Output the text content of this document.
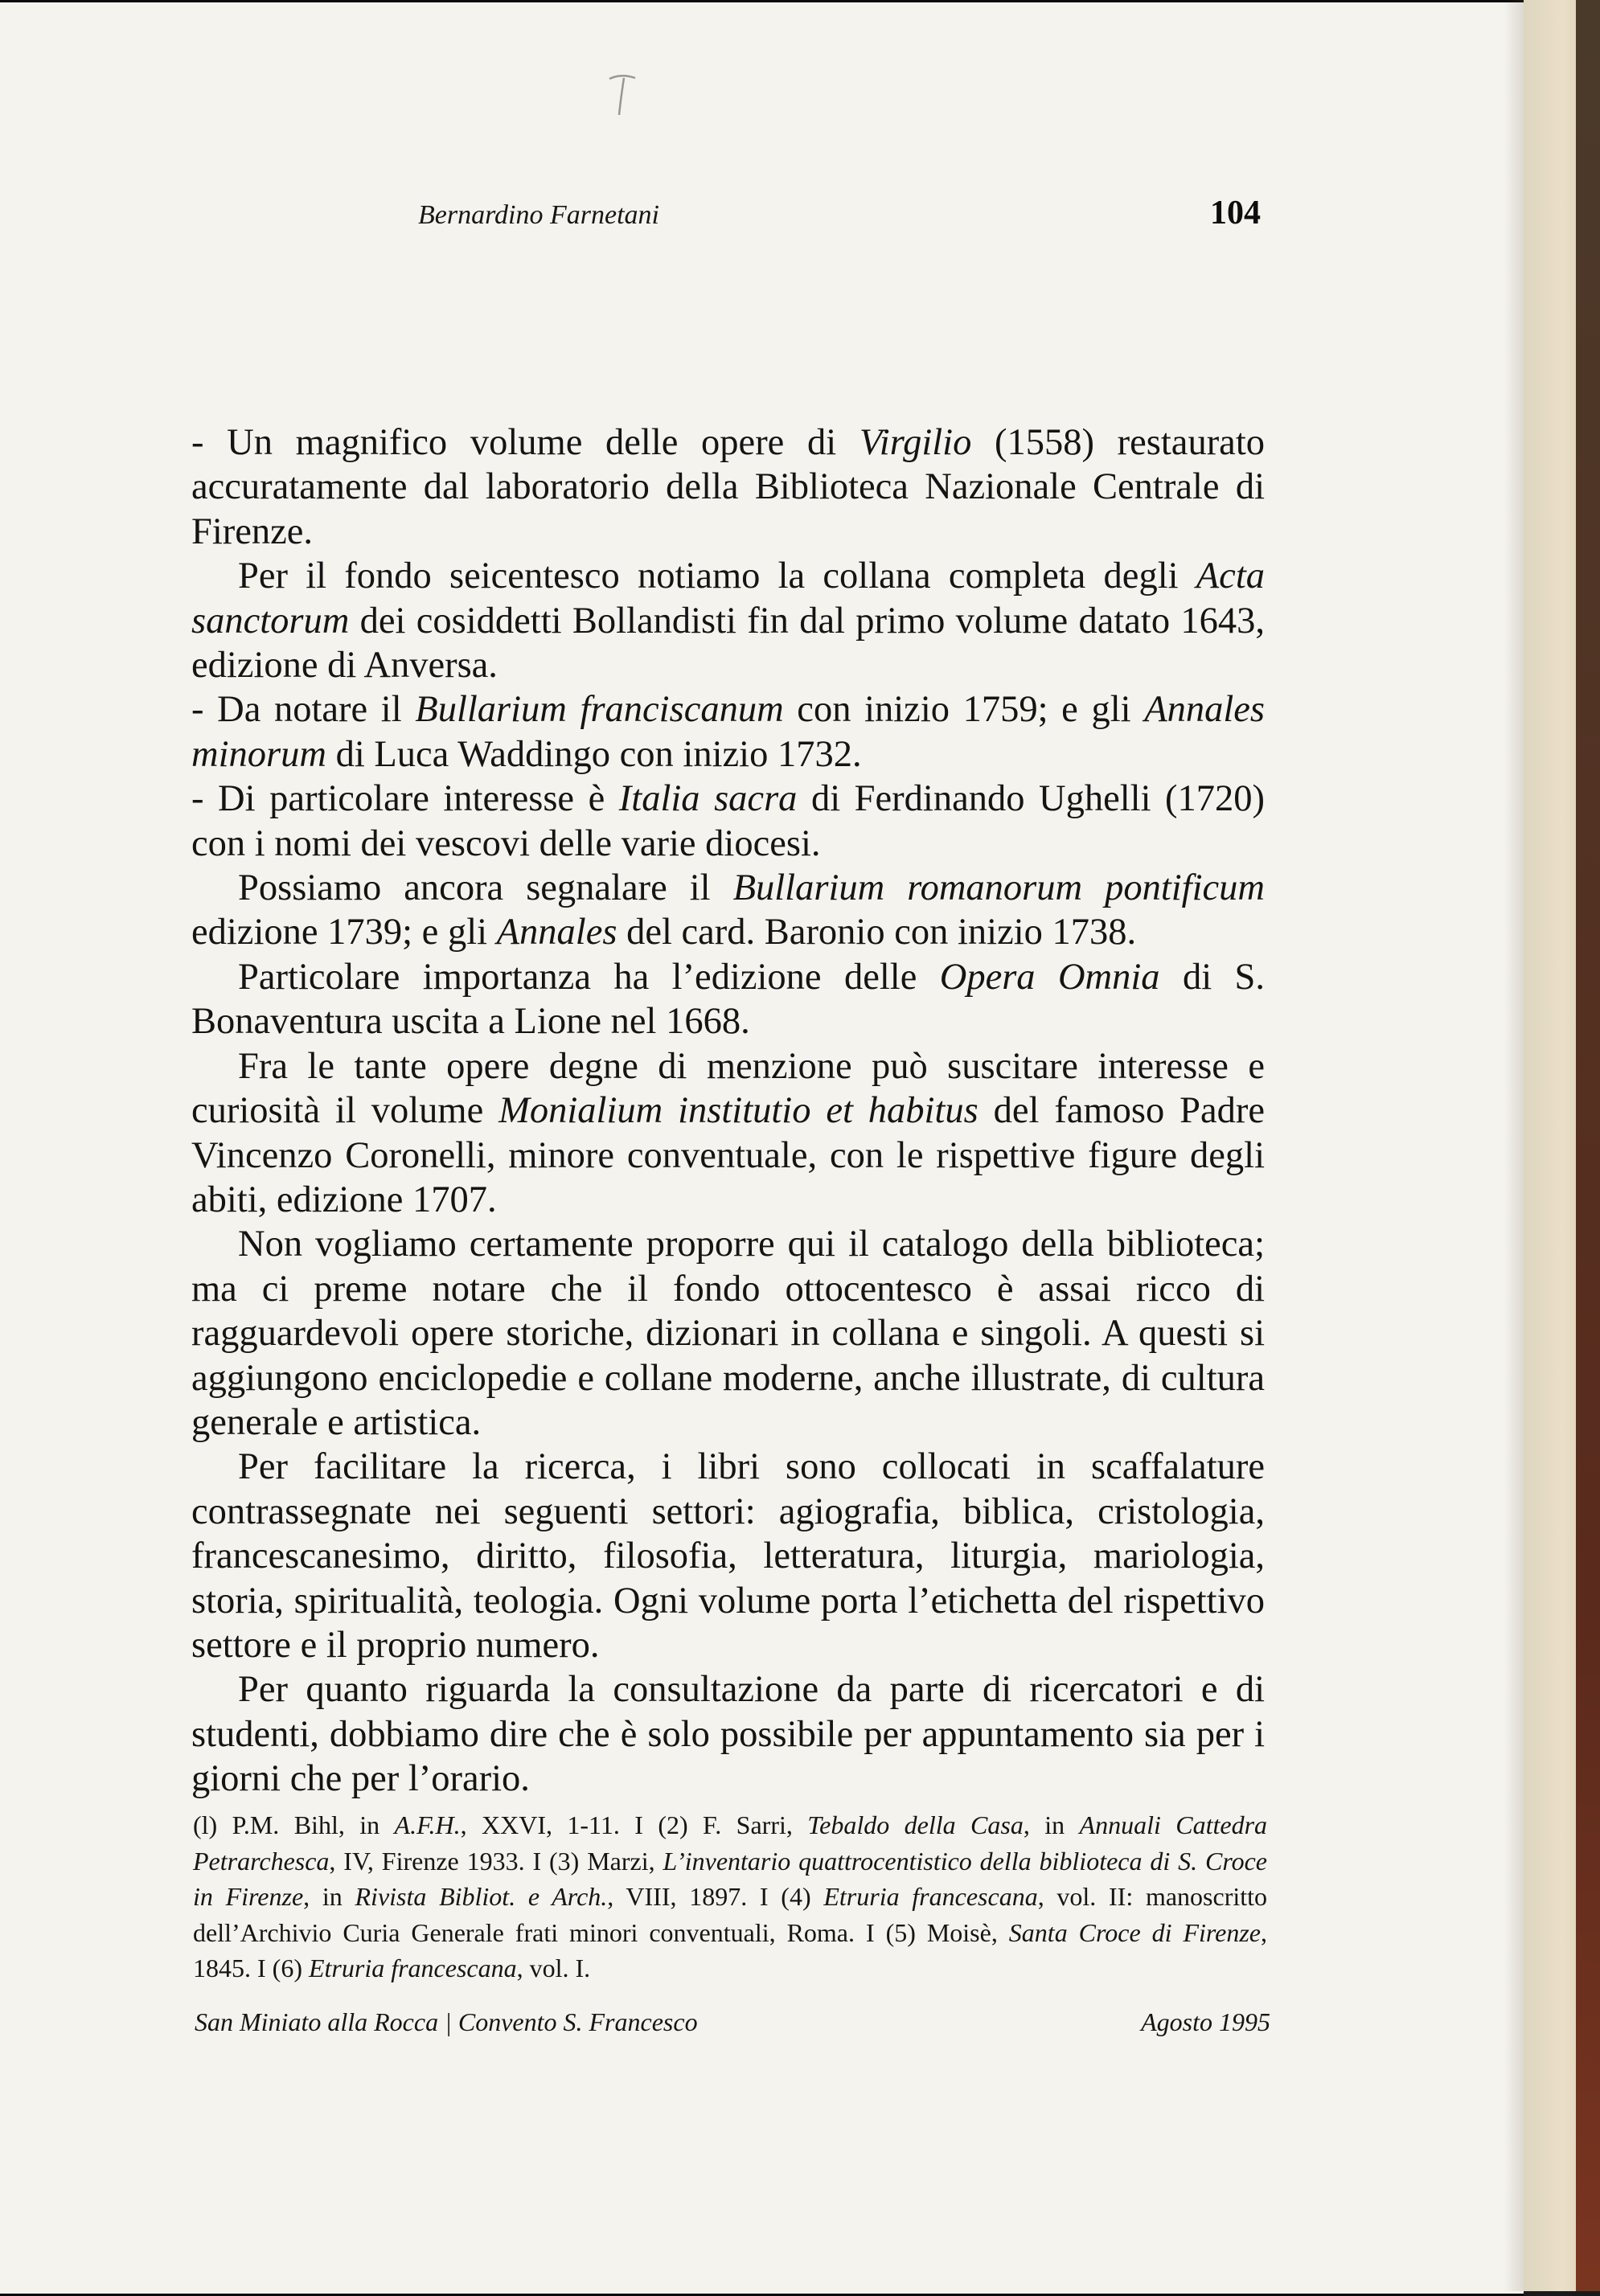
Bernardino Farnetani	104

- Un magnifico volume delle opere di Virgilio (1558) restaurato accuratamente dal laboratorio della Biblioteca Nazionale Centrale di Firenze.

Per il fondo seicentesco notiamo la collana completa degli Acta sanctorum dei cosiddetti Bollandisti fin dal primo volume datato 1643, edizione di Anversa.

- Da notare il Bullarium franciscanum con inizio 1759; e gli Annales minorum di Luca Waddingo con inizio 1732.

- Di particolare interesse è Italia sacra di Ferdinando Ughelli (1720) con i nomi dei vescovi delle varie diocesi.

Possiamo ancora segnalare il Bullarium romanorum pontificum edizione 1739; e gli Annales del card. Baronio con inizio 1738.

Particolare importanza ha l’edizione delle Opera Omnia di S. Bonaventura uscita a Lione nel 1668.

Fra le tante opere degne di menzione può suscitare interesse e curiosità il volume Monialium institutio et habitus del famoso Padre Vincenzo Coronelli, minore conventuale, con le rispettive figure degli abiti, edizione 1707.

Non vogliamo certamente proporre qui il catalogo della biblioteca; ma ci preme notare che il fondo ottocentesco è assai ricco di ragguardevoli opere storiche, dizionari in collana e singoli. A questi si aggiungono enciclopedie e collane moderne, anche illustrate, di cultura generale e artistica.

Per facilitare la ricerca, i libri sono collocati in scaffalature contrassegnate nei seguenti settori: agiografia, biblica, cristologia, francescanesimo, diritto, filosofia, letteratura, liturgia, mariologia, storia, spiritualità, teologia. Ogni volume porta l’etichetta del rispettivo settore e il proprio numero.

Per quanto riguarda la consultazione da parte di ricercatori e di studenti, dobbiamo dire che è solo possibile per appuntamento sia per i giorni che per l’orario.

(l) P.M. Bihl, in A.F.H., XXVI, 1-11. I (2) F. Sarri, Tebaldo della Casa, in Annuali Cattedra Petrarchesca, IV, Firenze 1933. I (3) Marzi, L’inventario quattrocentistico della biblioteca di S. Croce in Firenze, in Rivista Bibliot. e Arch., VIII, 1897. I (4) Etruria francescana, vol. II: manoscritto dell’Archivio Curia Generale frati minori conventuali, Roma. I (5) Moisè, Santa Croce di Firenze, 1845. I (6) Etruria francescana, vol. I.

San Miniato alla Rocca | Convento S. Francesco	Agosto 1995
